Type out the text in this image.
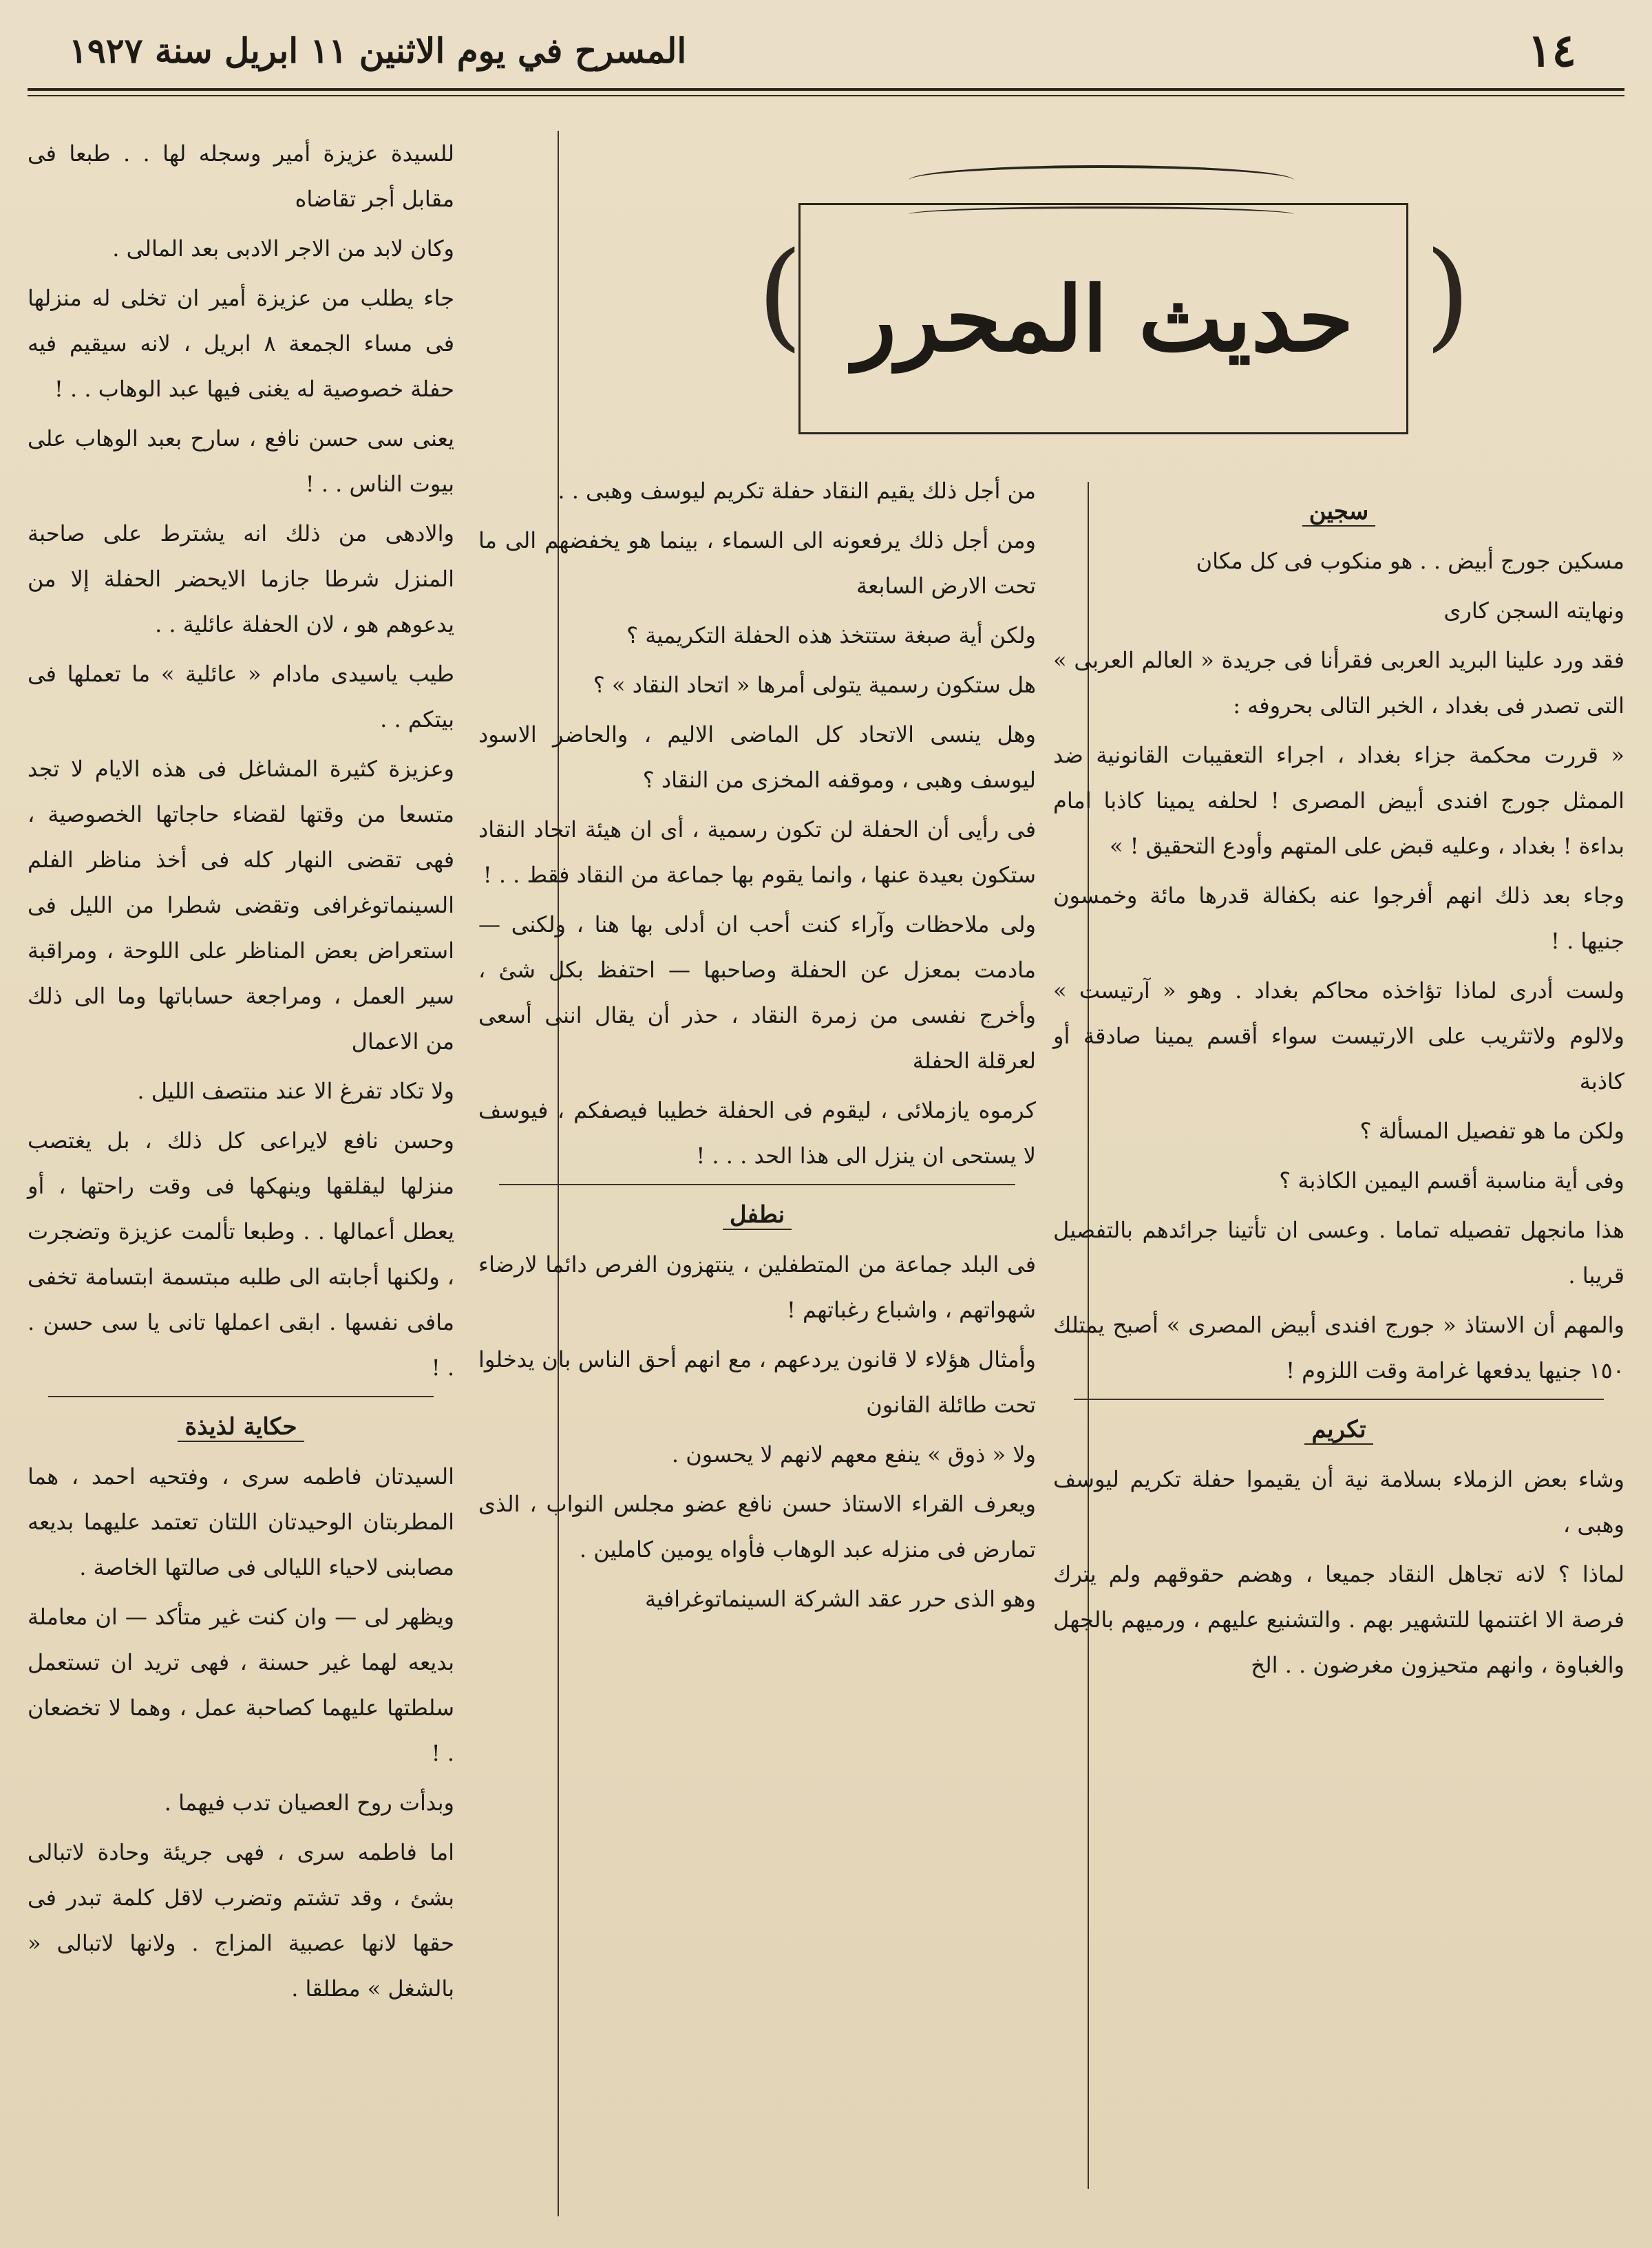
١٤
المسرح في يوم الاثنين ١١ ابريل سنة ١٩٢٧
(
) حديث المحرر
سجين

مسكين جورج أبيض . . هو منكوب فى كل مكان

ونهايته السجن كارى

فقد ورد علينا البريد العربى فقرأنا فى جريدة « العالم العربى » التى تصدر فى بغداد ، الخبر التالى بحروفه :

« قررت محكمة جزاء بغداد ، اجراء التعقيبات القانونية ضد الممثل جورج افندى أبيض المصرى ! لحلفه يمينا كاذبا امام بداءة ! بغداد ، وعليه قبض على المتهم وأودع التحقيق ! »

وجاء بعد ذلك انهم أفرجوا عنه بكفالة قدرها مائة وخمسون جنيها . !

ولست أدرى لماذا تؤاخذه محاكم بغداد . وهو « آرتيست » ولالوم ولاتثريب على الارتيست سواء أقسم يمينا صادقة أو كاذبة

ولكن ما هو تفصيل المسألة ؟

وفى أية مناسبة أقسم اليمين الكاذبة ؟

هذا مانجهل تفصيله تماما . وعسى ان تأتينا جرائدهم بالتفصيل قريبا .

والمهم أن الاستاذ « جورج افندى أبيض المصرى » أصبح يمتلك ١٥٠ جنيها يدفعها غرامة وقت اللزوم !

تكريم

وشاء بعض الزملاء بسلامة نية أن يقيموا حفلة تكريم ليوسف وهبى ،

لماذا ؟ لانه تجاهل النقاد جميعا ، وهضم حقوقهم ولم يترك فرصة الا اغتنمها للتشهير بهم . والتشنيع عليهم ، ورميهم بالجهل والغباوة ، وانهم متحيزون مغرضون . . الخ

من أجل ذلك يقيم النقاد حفلة تكريم ليوسف وهبى . .

ومن أجل ذلك يرفعونه الى السماء ، بينما هو يخفضهم الى ما تحت الارض السابعة

ولكن أية صبغة ستتخذ هذه الحفلة التكريمية ؟

هل ستكون رسمية يتولى أمرها « اتحاد النقاد » ؟

وهل ينسى الاتحاد كل الماضى الاليم ، والحاضر الاسود ليوسف وهبى ، وموقفه المخزى من النقاد ؟

فى رأيى أن الحفلة لن تكون رسمية ، أى ان هيئة اتحاد النقاد ستكون بعيدة عنها ، وانما يقوم بها جماعة من النقاد فقط . . !

ولى ملاحظات وآراء كنت أحب ان أدلى بها هنا ، ولكنى — مادمت بمعزل عن الحفلة وصاحبها — احتفظ بكل شئ ، وأخرج نفسى من زمرة النقاد ، حذر أن يقال اننى أسعى لعرقلة الحفلة

كرموه يازملائى ، ليقوم فى الحفلة خطيبا فيصفكم ، فيوسف لا يستحى ان ينزل الى هذا الحد . . . !

نطفل

فى البلد جماعة من المتطفلين ، ينتهزون الفرص دائما لارضاء شهواتهم ، واشباع رغباتهم !

وأمثال هؤلاء لا قانون يردعهم ، مع انهم أحق الناس بان يدخلوا تحت طائلة القانون

ولا « ذوق » ينفع معهم لانهم لا يحسون .

ويعرف القراء الاستاذ حسن نافع عضو مجلس النواب ، الذى تمارض فى منزله عبد الوهاب فأواه يومين كاملين .

وهو الذى حرر عقد الشركة السينماتوغرافية

للسيدة عزيزة أمير وسجله لها . . طبعا فى مقابل أجر تقاضاه

وكان لابد من الاجر الادبى بعد المالى .

جاء يطلب من عزيزة أمير ان تخلى له منزلها فى مساء الجمعة ٨ ابريل ، لانه سيقيم فيه حفلة خصوصية له يغنى فيها عبد الوهاب . . !

يعنى سى حسن نافع ، سارح بعبد الوهاب على بيوت الناس . . !

والادهى من ذلك انه يشترط على صاحبة المنزل شرطا جازما الايحضر الحفلة إلا من يدعوهم هو ، لان الحفلة عائلية . .

طيب ياسيدى مادام « عائلية » ما تعملها فى بيتكم . .

وعزيزة كثيرة المشاغل فى هذه الايام لا تجد متسعا من وقتها لقضاء حاجاتها الخصوصية ، فهى تقضى النهار كله فى أخذ مناظر الفلم السينماتوغرافى وتقضى شطرا من الليل فى استعراض بعض المناظر على اللوحة ، ومراقبة سير العمل ، ومراجعة حساباتها وما الى ذلك من الاعمال

ولا تكاد تفرغ الا عند منتصف الليل .

وحسن نافع لايراعى كل ذلك ، بل يغتصب منزلها ليقلقها وينهكها فى وقت راحتها ، أو يعطل أعمالها . . وطبعا تألمت عزيزة وتضجرت ، ولكنها أجابته الى طلبه مبتسمة ابتسامة تخفى مافى نفسها . ابقى اعملها تانى يا سى حسن . . !

حكاية لذيذة

السيدتان فاطمه سرى ، وفتحيه احمد ، هما المطربتان الوحيدتان اللتان تعتمد عليهما بديعه مصابنى لاحياء الليالى فى صالتها الخاصة .

ويظهر لى — وان كنت غير متأكد — ان معاملة بديعه لهما غير حسنة ، فهى تريد ان تستعمل سلطتها عليهما كصاحبة عمل ، وهما لا تخضعان . !

وبدأت روح العصيان تدب فيهما .

اما فاطمه سرى ، فهى جريئة وحادة لاتبالى بشئ ، وقد تشتم وتضرب لاقل كلمة تبدر فى حقها لانها عصبية المزاج . ولانها لاتبالى « بالشغل » مطلقا .
